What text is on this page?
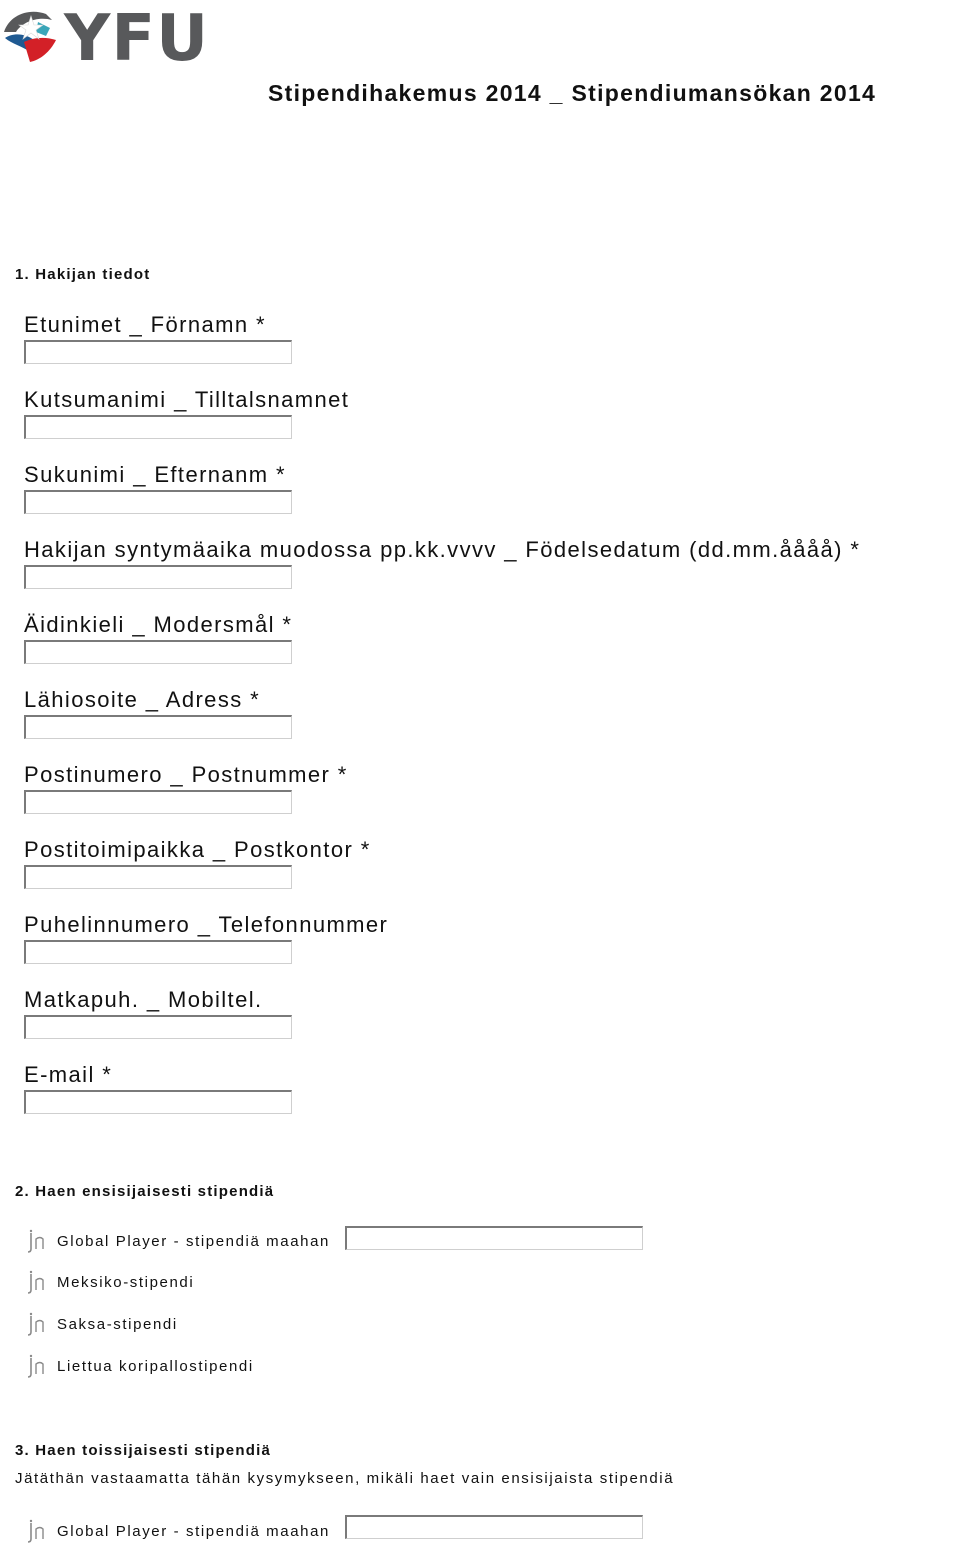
YFU
Stipendihakemus 2014 _ Stipendiumansökan 2014
1. Hakijan tiedot
Etunimet _ Förnamn *
Kutsumanimi _ Tilltalsnamnet
Sukunimi _ Efternanm *
Hakijan syntymäaika muodossa pp.kk.vvvv _ Födelsedatum (dd.mm.åååå) *
Äidinkieli _ Modersmål *
Lähiosoite _ Adress *
Postinumero _ Postnummer *
Postitoimipaikka _ Postkontor *
Puhelinnumero _ Telefonnummer
Matkapuh. _ Mobiltel.
E-mail *
2. Haen ensisijaisesti stipendiä
Global Player - stipendiä maahan
Meksiko-stipendi
Saksa-stipendi
Liettua koripallostipendi
3. Haen toissijaisesti stipendiä
Jätäthän vastaamatta tähän kysymykseen, mikäli haet vain ensisijaista stipendiä
Global Player - stipendiä maahan
